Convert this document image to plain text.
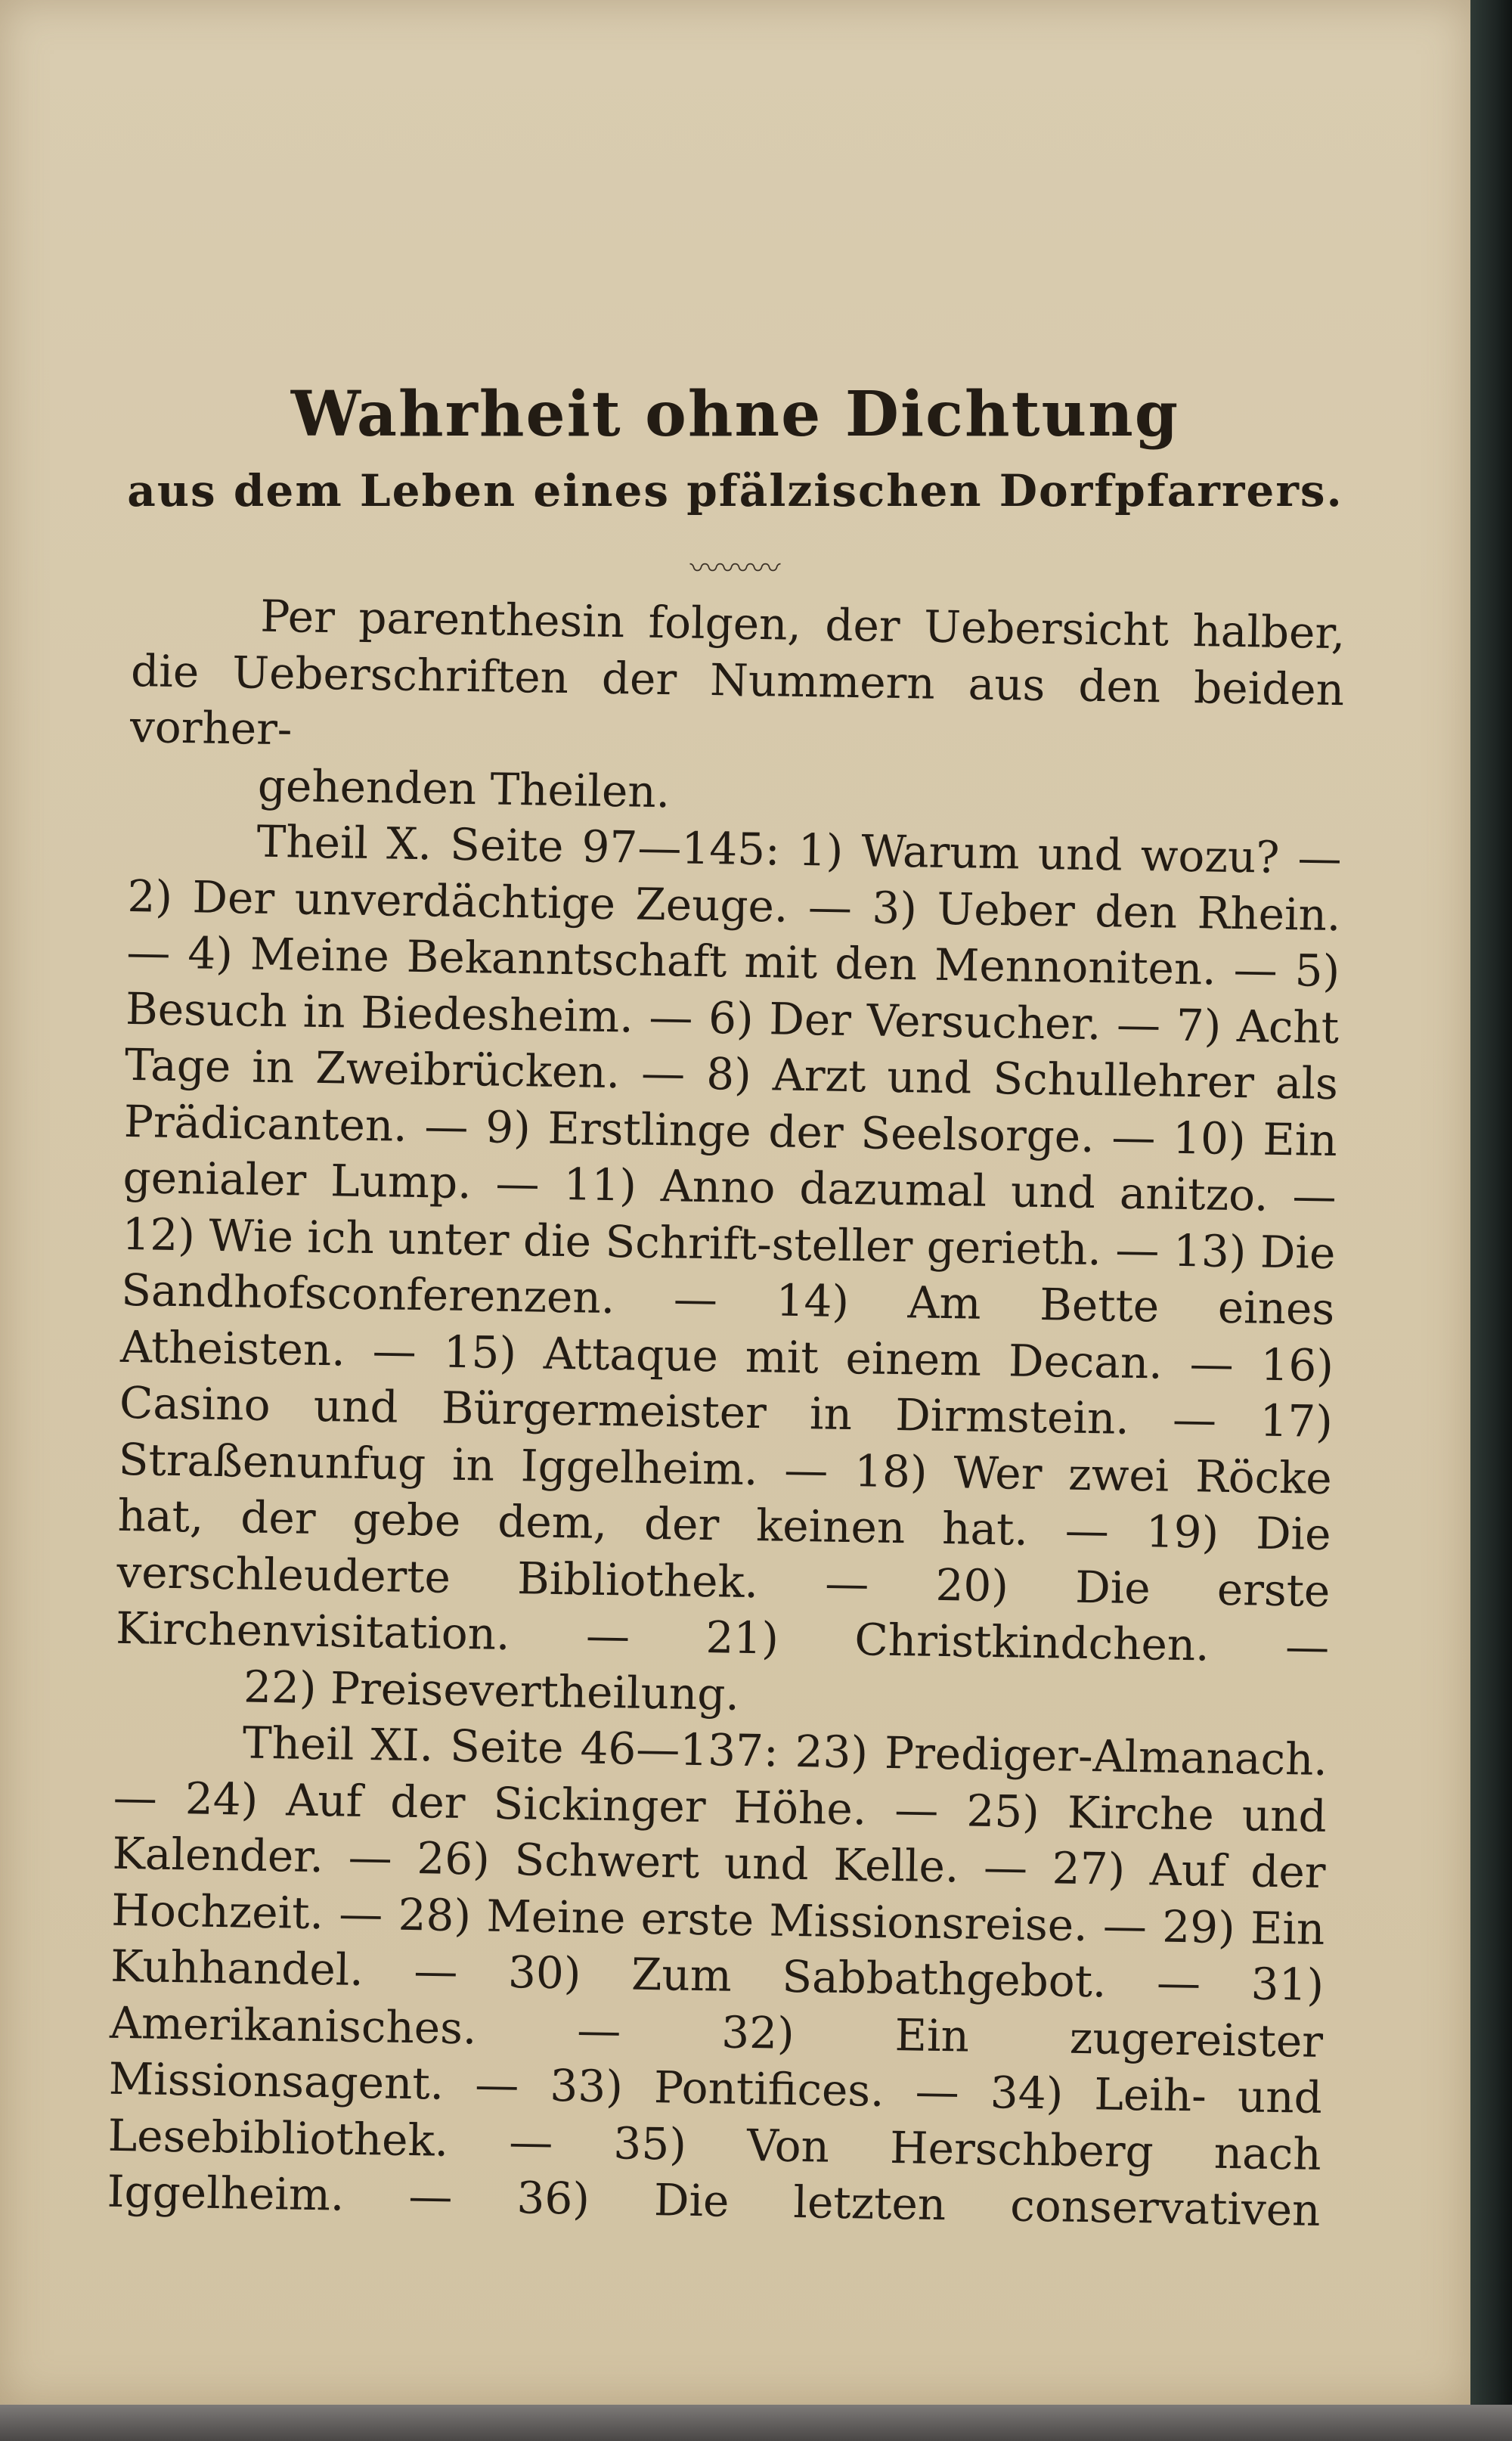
Wahrheit ohne Dichtung
aus dem Leben eines pfälzischen Dorfpfarrers.
〰〰〰

Per parenthesin folgen, der Uebersicht halber, die Ueberschriften der Nummern aus den beiden vorher-
gehenden Theilen.

Theil X. Seite 97—145: 1) Warum und wozu? — 2) Der unverdächtige Zeuge. — 3) Ueber den Rhein. — 4) Meine Bekanntschaft mit den Mennoniten. — 5) Besuch in Biedesheim. — 6) Der Versucher. — 7) Acht Tage in Zweibrücken. — 8) Arzt und Schullehrer als Prädicanten. — 9) Erstlinge der Seelsorge. — 10) Ein genialer Lump. — 11) Anno dazumal und anitzo. — 12) Wie ich unter die Schrift-steller gerieth. — 13) Die Sandhofsconferenzen. — 14) Am Bette eines Atheisten. — 15) Attaque mit einem Decan. — 16) Casino und Bürgermeister in Dirmstein. — 17) Straßenunfug in Iggelheim. — 18) Wer zwei Röcke hat, der gebe dem, der keinen hat. — 19) Die verschleuderte Bibliothek. — 20) Die erste Kirchenvisitation. — 21) Christkindchen. —
22) Preisevertheilung.

Theil XI. Seite 46—137: 23) Prediger-Almanach. — 24) Auf der Sickinger Höhe. — 25) Kirche und Kalender. — 26) Schwert und Kelle. — 27) Auf der Hochzeit. — 28) Meine erste Missionsreise. — 29) Ein Kuhhandel. — 30) Zum Sabbathgebot. — 31) Amerikanisches. — 32) Ein zugereister Missionsagent. — 33) Pontifices. — 34) Leih- und Lesebibliothek. — 35) Von Herschberg nach Iggelheim. — 36) Die letzten conservativen
